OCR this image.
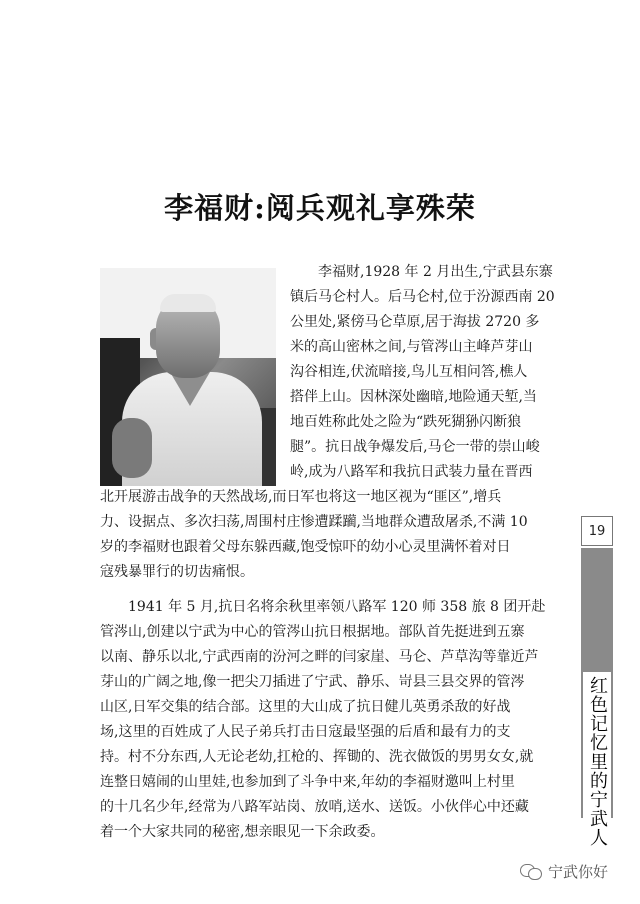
李福财:阅兵观礼享殊荣
李福财,1928 年 2 月出生,宁武县东寨
镇后马仑村人。后马仑村,位于汾源西南 20
公里处,紧傍马仑草原,居于海拔 2720 多
米的高山密林之间,与管涔山主峰芦芽山
沟谷相连,伏流暗接,鸟儿互相问答,樵人
搭伴上山。因林深处幽暗,地险通天堑,当
地百姓称此处之险为“跌死猢狲闪断狼
腿”。抗日战争爆发后,马仑一带的崇山峻
岭,成为八路军和我抗日武装力量在晋西
北开展游击战争的天然战场,而日军也将这一地区视为“匪区”,增兵
力、设据点、多次扫荡,周围村庄惨遭蹂躏,当地群众遭敌屠杀,不满 10
岁的李福财也跟着父母东躲西藏,饱受惊吓的幼小心灵里满怀着对日
寇残暴罪行的切齿痛恨。
1941 年 5 月,抗日名将余秋里率领八路军 120 师 358 旅 8 团开赴
管涔山,创建以宁武为中心的管涔山抗日根据地。部队首先挺进到五寨
以南、静乐以北,宁武西南的汾河之畔的闫家崖、马仑、芦草沟等靠近芦
芽山的广阔之地,像一把尖刀插进了宁武、静乐、岢县三县交界的管涔
山区,日军交集的结合部。这里的大山成了抗日健儿英勇杀敌的好战
场,这里的百姓成了人民子弟兵打击日寇最坚强的后盾和最有力的支
持。村不分东西,人无论老幼,扛枪的、挥锄的、洗衣做饭的男男女女,就
连整日嬉闹的山里娃,也参加到了斗争中来,年幼的李福财邀叫上村里
的十几名少年,经常为八路军站岗、放哨,送水、送饭。小伙伴心中还藏
着一个大家共同的秘密,想亲眼见一下余政委。
19
红色记忆里的宁武人
宁武你好
